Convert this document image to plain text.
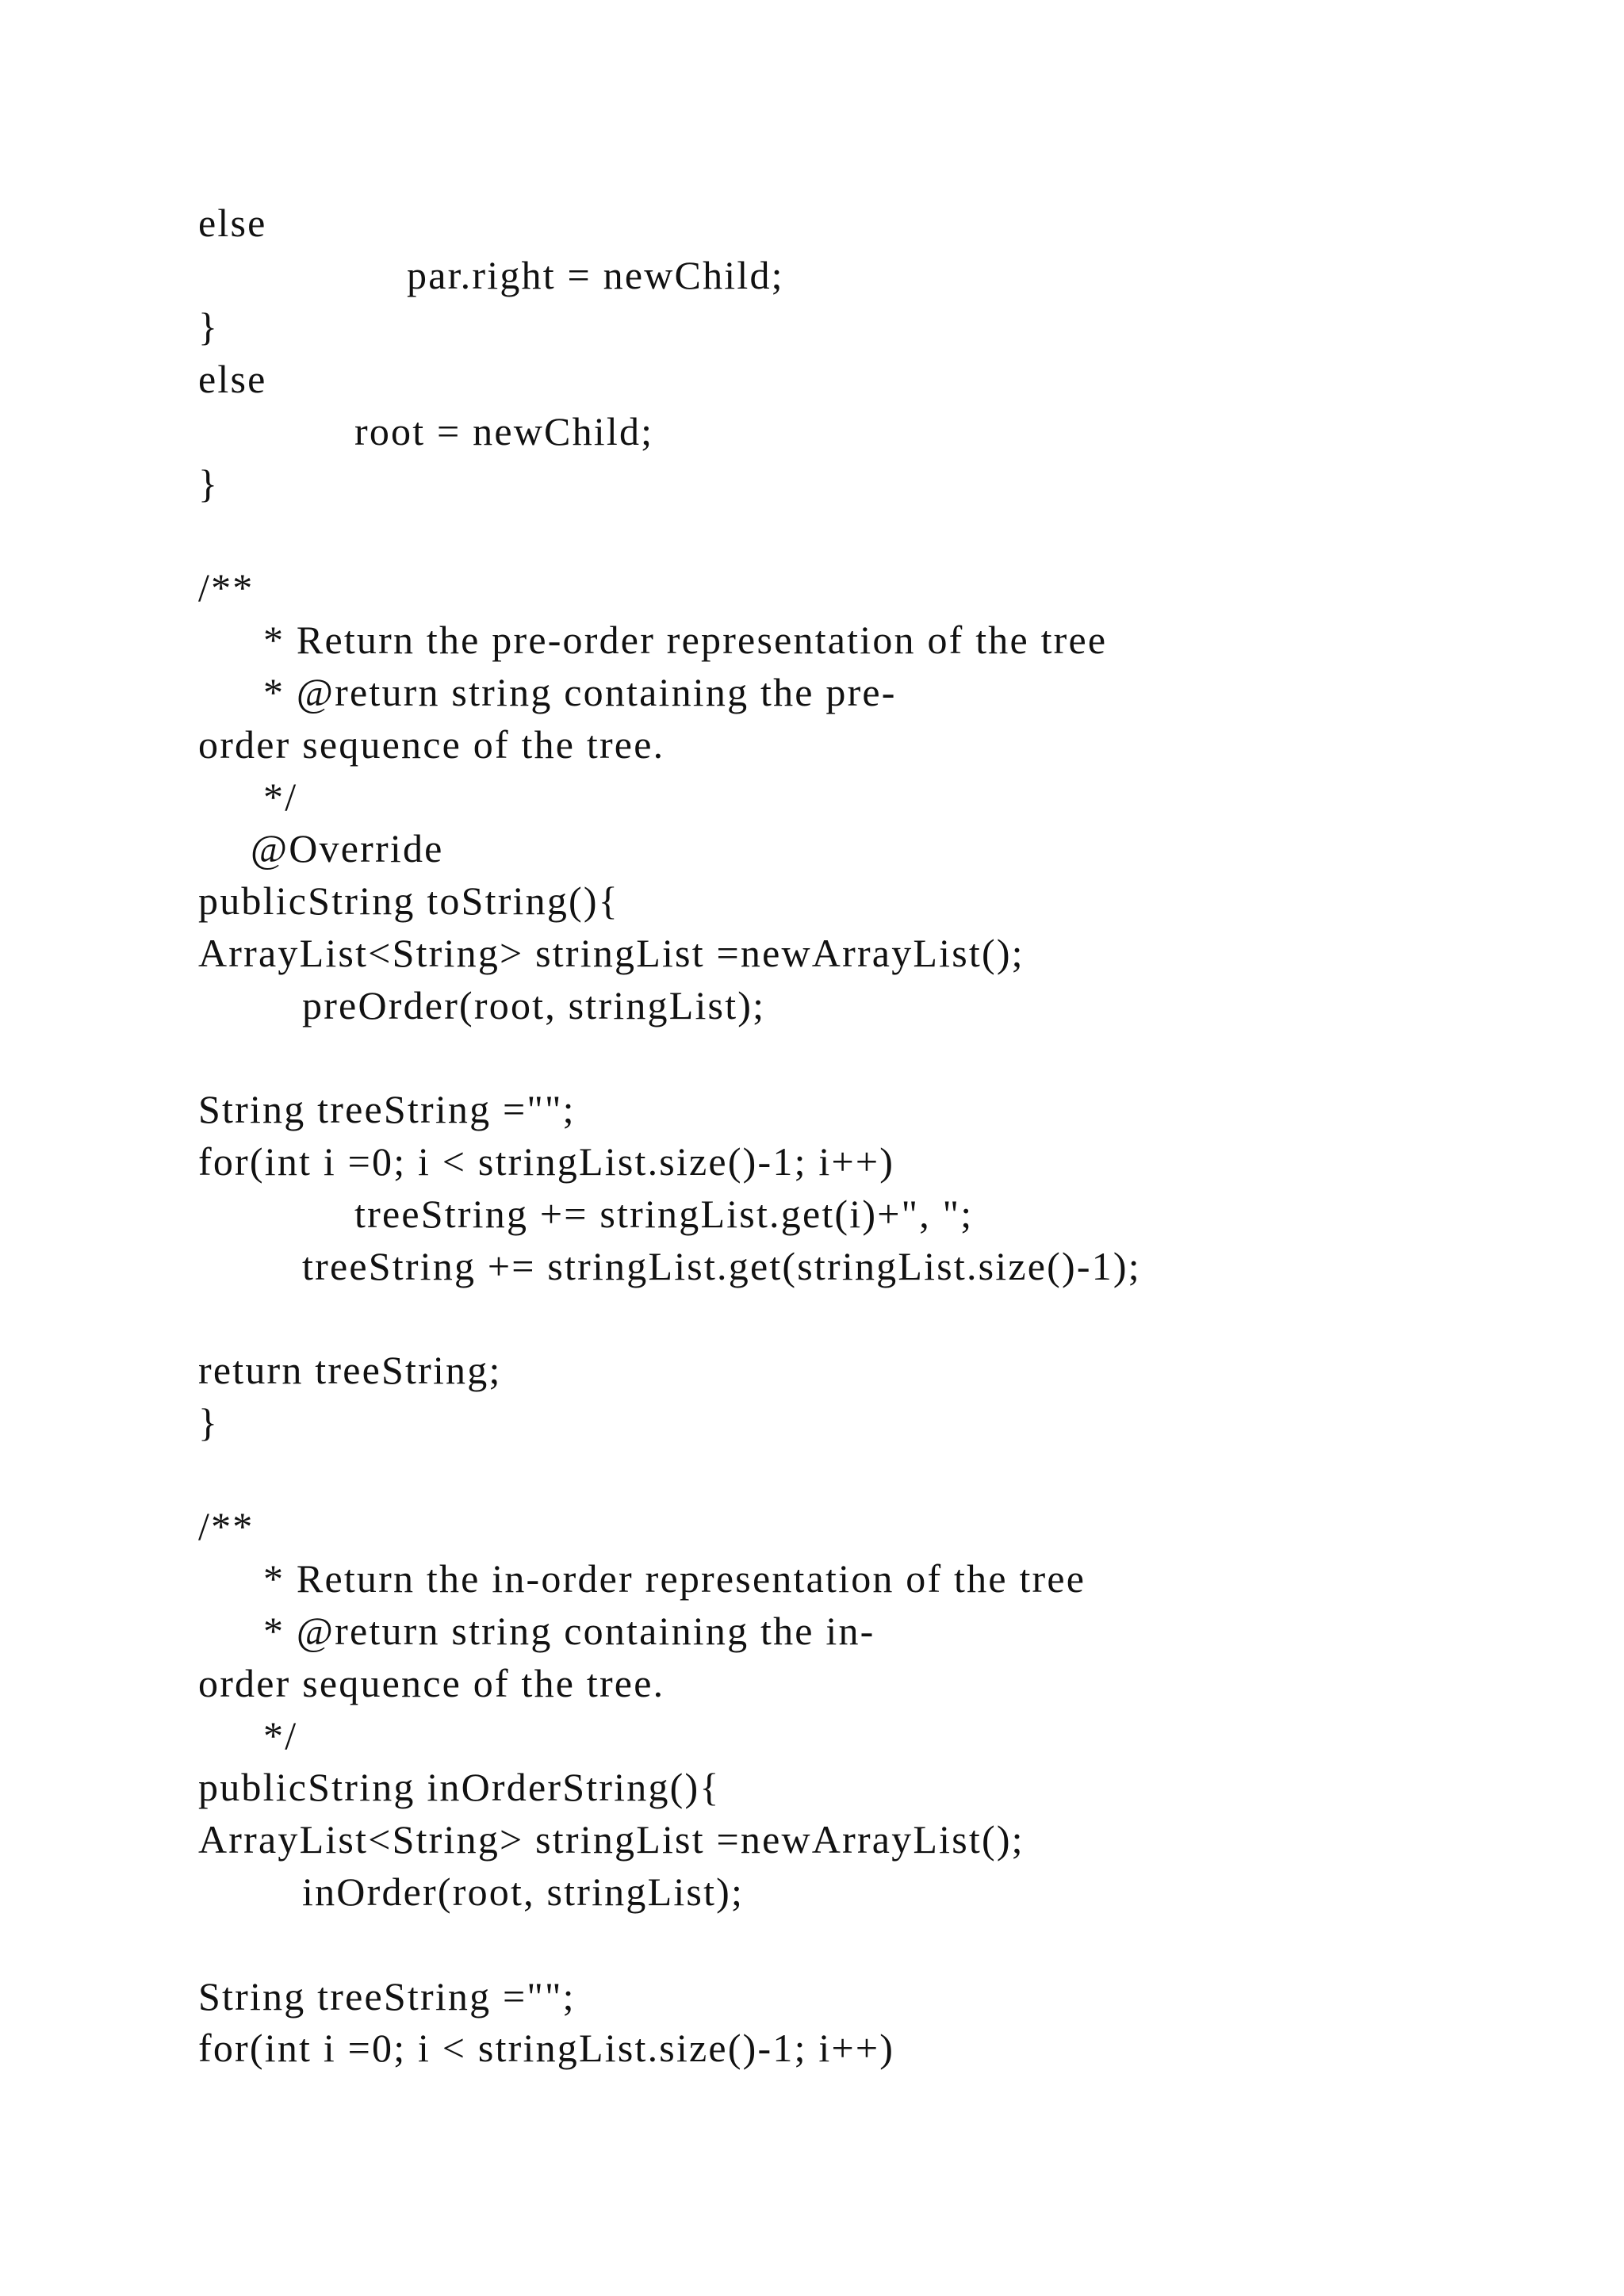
else
par.right = newChild;
}
else
root = newChild;
}
/**
* Return the pre-order representation of the tree
* @return string containing the pre-
order sequence of the tree.
*/
@Override
publicString toString(){
ArrayList<String> stringList =newArrayList();
preOrder(root, stringList);
String treeString ="";
for(int i =0; i < stringList.size()-1; i++)
treeString += stringList.get(i)+", ";
treeString += stringList.get(stringList.size()-1);
return treeString;
}
/**
* Return the in-order representation of the tree
* @return string containing the in-
order sequence of the tree.
*/
publicString inOrderString(){
ArrayList<String> stringList =newArrayList();
inOrder(root, stringList);
String treeString ="";
for(int i =0; i < stringList.size()-1; i++)
